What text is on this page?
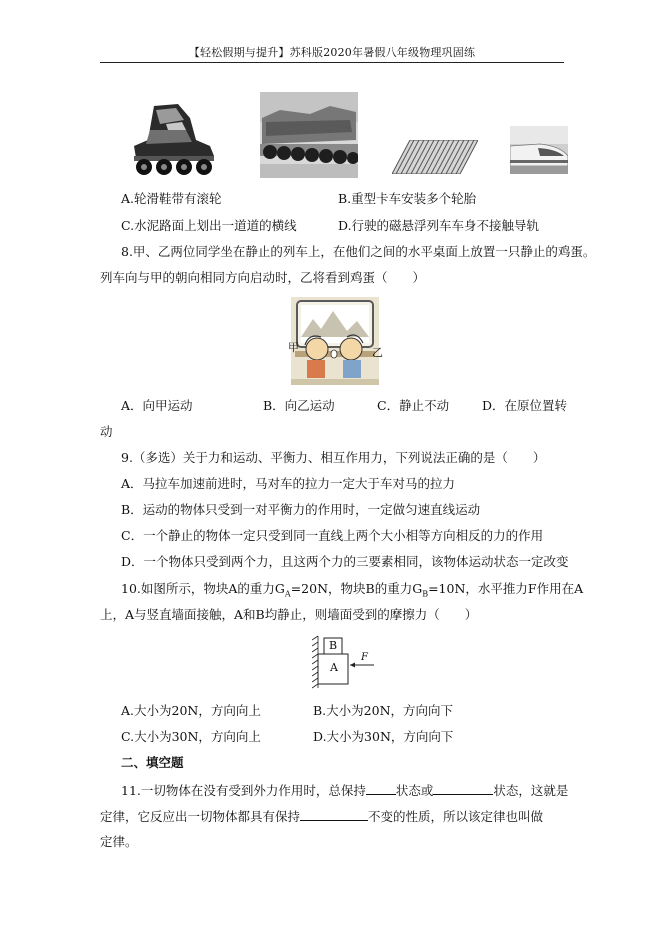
【轻松假期与提升】苏科版2020年暑假八年级物理巩固练
A.轮滑鞋带有滚轮	B.重型卡车安装多个轮胎
C.水泥路面上划出一道道的横线	D.行驶的磁悬浮列车车身不接触导轨
8.甲、乙两位同学坐在静止的列车上，在他们之间的水平桌面上放置一只静止的鸡蛋。
列车向与甲的朝向相同方向启动时，乙将看到鸡蛋（　　）
甲	乙
A．向甲运动	B．向乙运动	C．静止不动	D．在原位置转
动
9.（多选）关于力和运动、平衡力、相互作用力，下列说法正确的是（　　）
A．马拉车加速前进时，马对车的拉力一定大于车对马的拉力
B．运动的物体只受到一对平衡力的作用时，一定做匀速直线运动
C．一个静止的物体一定只受到同一直线上两个大小相等方向相反的力的作用
D．一个物体只受到两个力，且这两个力的三要素相同，该物体运动状态一定改变
10.如图所示，物块A的重力$G_A=20N$，物块B的重力$G_B=10N$，水平推力F作用在A
上，A与竖直墙面接触，A和B均静止，则墙面受到的摩擦力（　　）
B
A
F
A.大小为20N，方向向上	B.大小为20N，方向向下
C.大小为30N，方向向上	D.大小为30N，方向向下
二、填空题
11.一切物体在没有受到外力作用时，总保持 状态或	状态，这就是
定律，它反应出一切物体都具有保持	不变的性质，所以该定律也叫做
定律。
